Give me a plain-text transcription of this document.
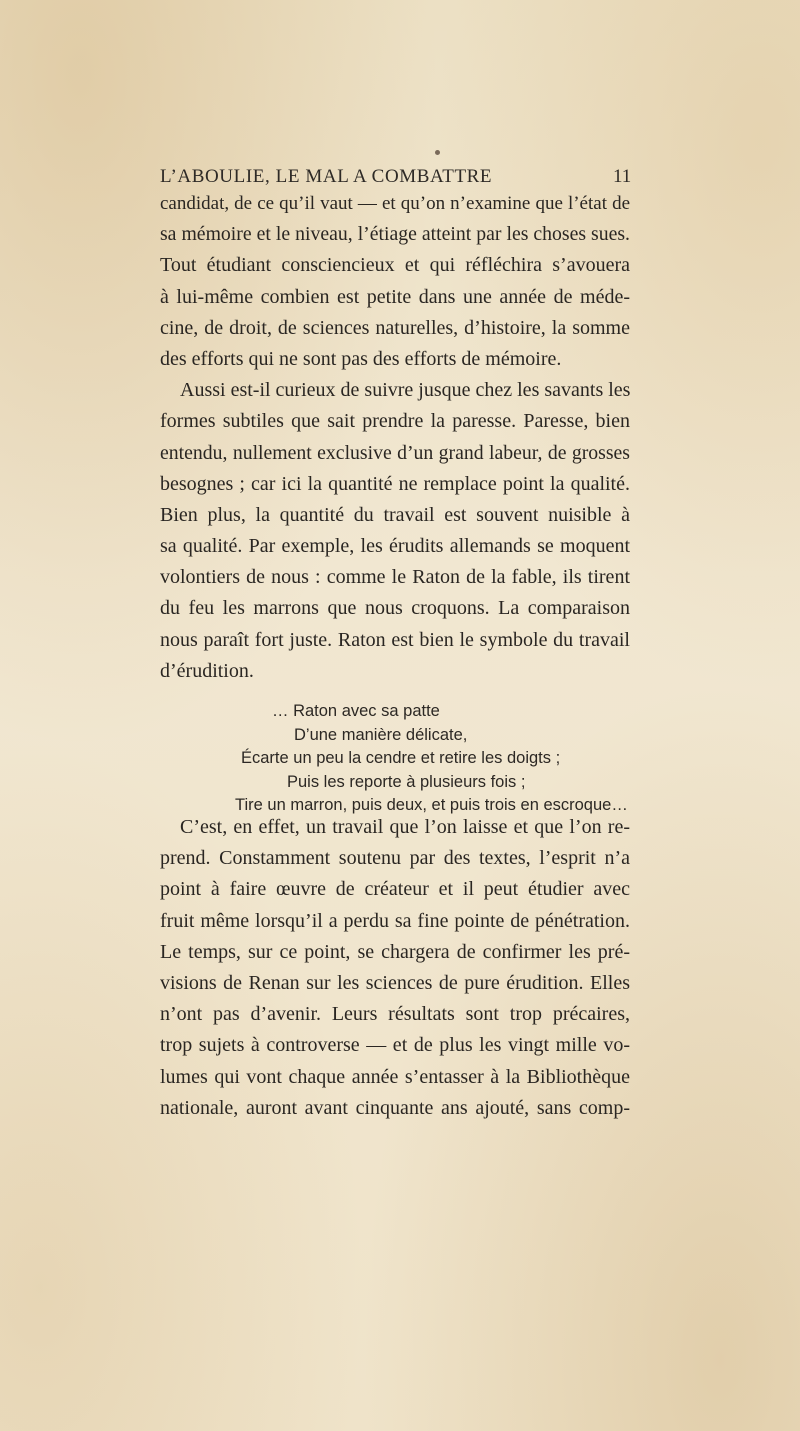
L’ABOULIE, LE MAL A COMBATTRE	11
candidat, de ce qu’il vaut — et qu’on n’examine que l’état de
sa mémoire et le niveau, l’étiage atteint par les choses sues.
Tout étudiant consciencieux et qui réfléchira s’avouera
à lui-même combien est petite dans une année de méde-
cine, de droit, de sciences naturelles, d’histoire, la somme
des efforts qui ne sont pas des efforts de mémoire.
Aussi est-il curieux de suivre jusque chez les savants les
formes subtiles que sait prendre la paresse. Paresse, bien
entendu, nullement exclusive d’un grand labeur, de grosses
besognes ; car ici la quantité ne remplace point la qualité.
Bien plus, la quantité du travail est souvent nuisible à
sa qualité. Par exemple, les érudits allemands se moquent
volontiers de nous : comme le Raton de la fable, ils tirent
du feu les marrons que nous croquons. La comparaison
nous paraît fort juste. Raton est bien le symbole du travail
d’érudition.
… Raton avec sa patte
D’une manière délicate,
Écarte un peu la cendre et retire les doigts ;
Puis les reporte à plusieurs fois ;
Tire un marron, puis deux, et puis trois en escroque…
C’est, en effet, un travail que l’on laisse et que l’on re-
prend. Constamment soutenu par des textes, l’esprit n’a
point à faire œuvre de créateur et il peut étudier avec
fruit même lorsqu’il a perdu sa fine pointe de pénétration.
Le temps, sur ce point, se chargera de confirmer les pré-
visions de Renan sur les sciences de pure érudition. Elles
n’ont pas d’avenir. Leurs résultats sont trop précaires,
trop sujets à controverse — et de plus les vingt mille vo-
lumes qui vont chaque année s’entasser à la Bibliothèque
nationale, auront avant cinquante ans ajouté, sans comp-
